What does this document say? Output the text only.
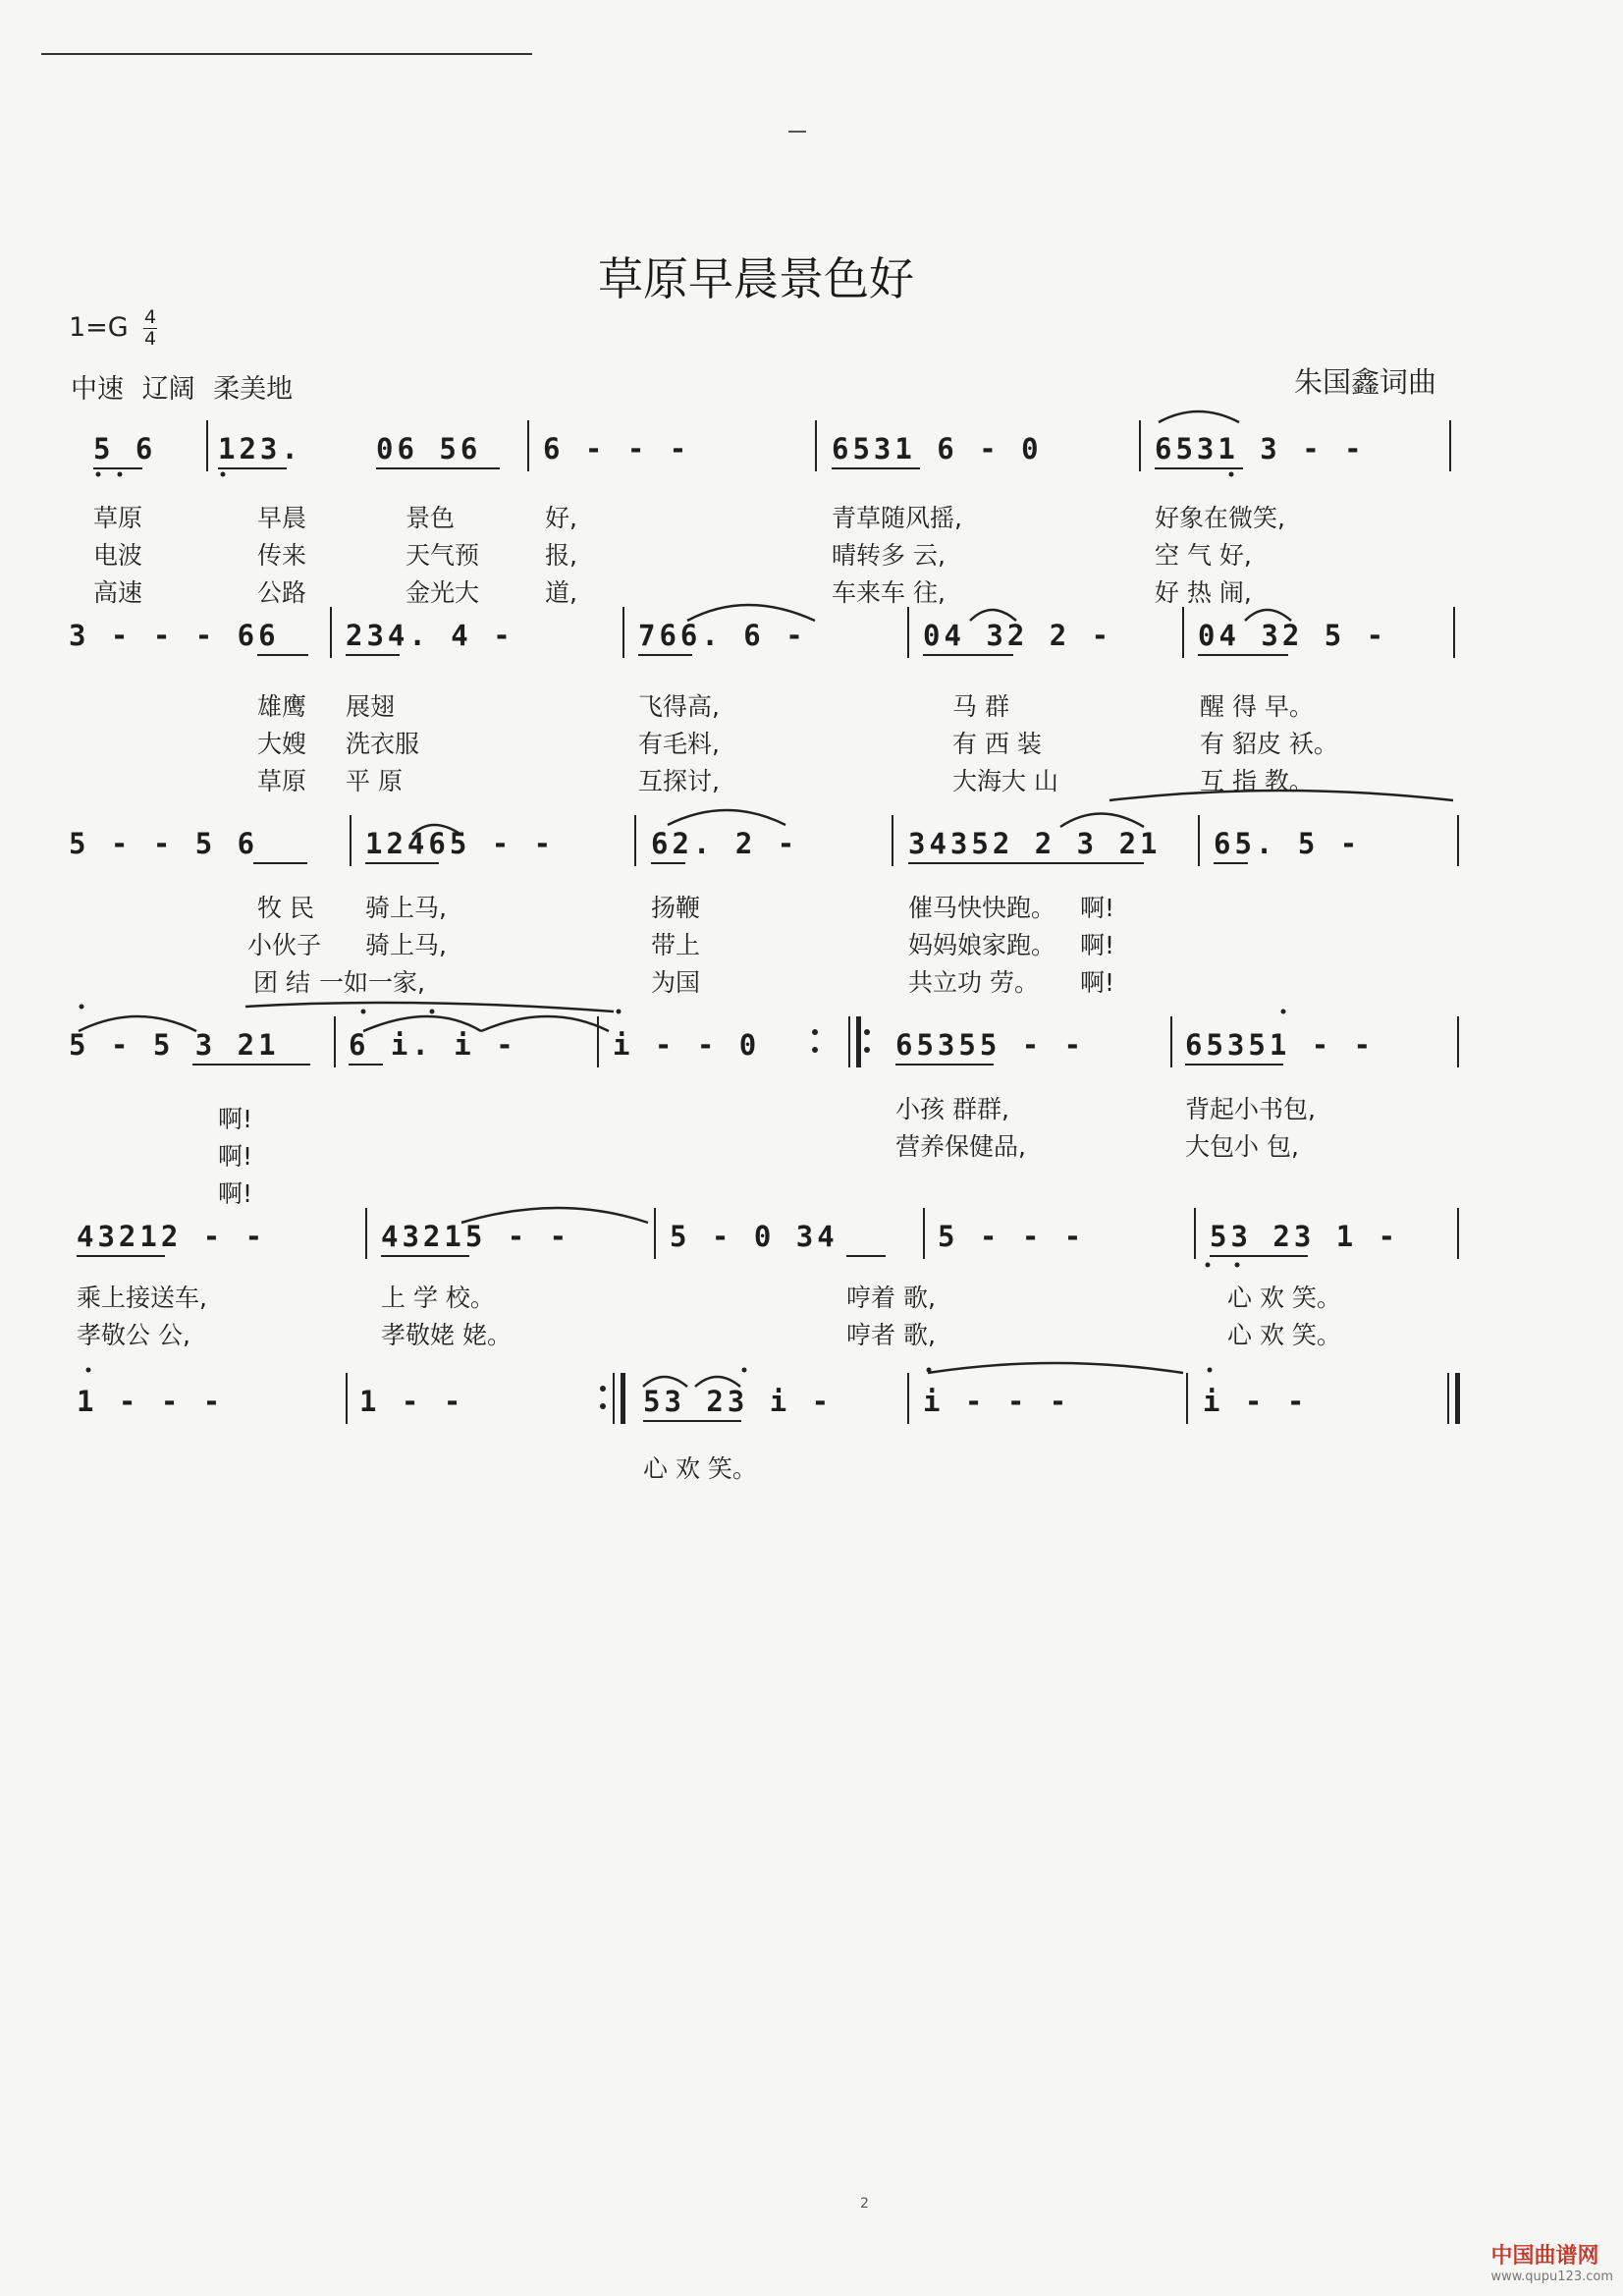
草原早晨景色好
1=G 4
4
中速 辽阔 柔美地	朱国鑫词曲
5 6 123.	06 56 6 - - -	6531 6 - 0	6531 3 - -
草原	早晨	景色	好,	青草随风摇,	好象在微笑,
电波	传来	天气预	报,	晴转多 云,	空 气 好,
高速	公路	金光大	道,	车来车 往,	好 热 闹,
3 - - - 66 234. 4 -	766. 6 -	04 32 2 -	04 32 5 -
雄鹰 展翅	飞得高,	马 群	醒 得 早。
大嫂 洗衣服	有毛料,	有 西 装	有 貂皮 袄。
草原 平 原	互探讨,	大海大 山	互 指 教。
5 - - 5 6	12465 - -	62. 2 -	34352 2 3 21 65. 5 -
牧 民 骑上马,	扬鞭	催马快快跑。 啊!
小伙子 骑上马,	带上	妈妈娘家跑。 啊!
团 结 一如一家,	为国	共立功 劳。 啊!
5 - 5 3 21 6 i. i -	i - - 0	65355 - -	65351 - -
啊!	小孩 群群,	背起小书包,
啊!	营养保健品,	大包小 包,
啊!
43212 - -	43215 - -	5 - 0 34	5 - - -	53 23 1 -
乘上接送车,	上 学 校。	哼着 歌,	心 欢 笑。
孝敬公 公,	孝敬姥 姥。	哼者 歌,	心 欢 笑。
1 - - -	1 - -	53 23 i -	i - - -	i - -
心 欢 笑。
2
中国曲谱网
www.qupu123.com
